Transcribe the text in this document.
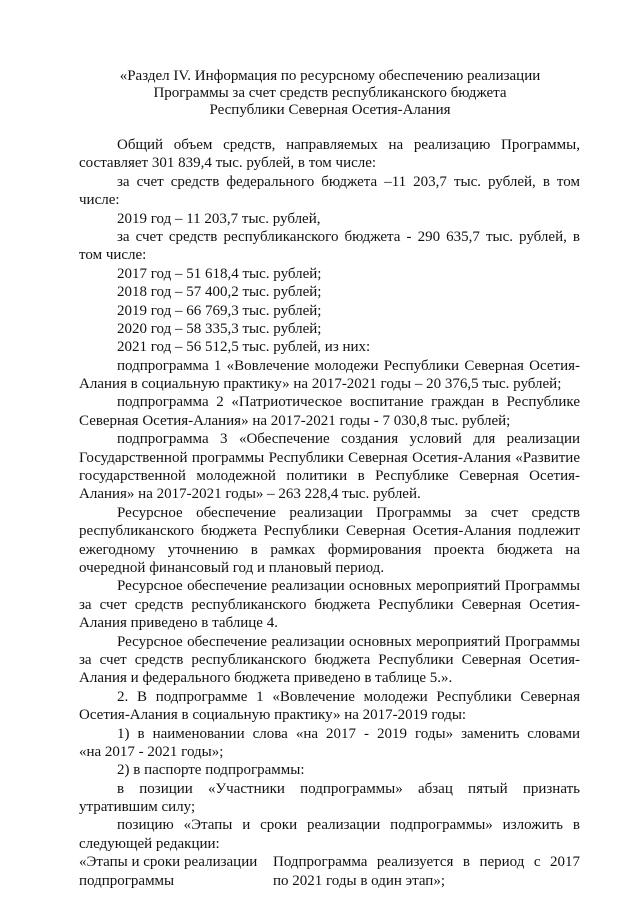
«Раздел IV. Информация по ресурсному обеспечению реализации
Программы за счет средств республиканского бюджета
Республики Северная Осетия-Алания
Общий объем средств, направляемых на реализацию Программы,
составляет 301 839,4 тыс. рублей, в том числе:
за счет средств федерального бюджета –11 203,7 тыс. рублей, в том
числе:
2019 год – 11 203,7 тыс. рублей,
за счет средств республиканского бюджета - 290 635,7 тыс. рублей, в
том числе:
2017 год – 51 618,4 тыс. рублей;
2018 год – 57 400,2 тыс. рублей;
2019 год – 66 769,3 тыс. рублей;
2020 год – 58 335,3 тыс. рублей;
2021 год – 56 512,5 тыс. рублей, из них:
подпрограмма 1 «Вовлечение молодежи Республики Северная Осетия-
Алания в социальную практику» на 2017-2021 годы – 20 376,5 тыс. рублей;
подпрограмма 2 «Патриотическое воспитание граждан в Республике
Северная Осетия-Алания» на 2017-2021 годы - 7 030,8 тыс. рублей;
подпрограмма 3 «Обеспечение создания условий для реализации
Государственной программы Республики Северная Осетия-Алания «Развитие
государственной молодежной политики в Республике Северная Осетия-
Алания» на 2017-2021 годы» – 263 228,4 тыс. рублей.
Ресурсное обеспечение реализации Программы за счет средств
республиканского бюджета Республики Северная Осетия-Алания подлежит
ежегодному уточнению в рамках формирования проекта бюджета на
очередной финансовый год и плановый период.
Ресурсное обеспечение реализации основных мероприятий Программы
за счет средств республиканского бюджета Республики Северная Осетия-
Алания приведено в таблице 4.
Ресурсное обеспечение реализации основных мероприятий Программы
за счет средств республиканского бюджета Республики Северная Осетия-
Алания и федерального бюджета приведено в таблице 5.».
2. В подпрограмме 1 «Вовлечение молодежи Республики Северная
Осетия-Алания в социальную практику» на 2017-2019 годы:
1) в наименовании слова «на 2017 - 2019 годы» заменить словами
«на 2017 - 2021 годы»;
2) в паспорте подпрограммы:
в позиции «Участники подпрограммы» абзац пятый признать
утратившим силу;
позицию «Этапы и сроки реализации подпрограммы» изложить в
следующей редакции:
«Этапы и сроки реализации	Подпрограмма реализуется в период с 2017
подпрограммы	по 2021 годы в один этап»;
